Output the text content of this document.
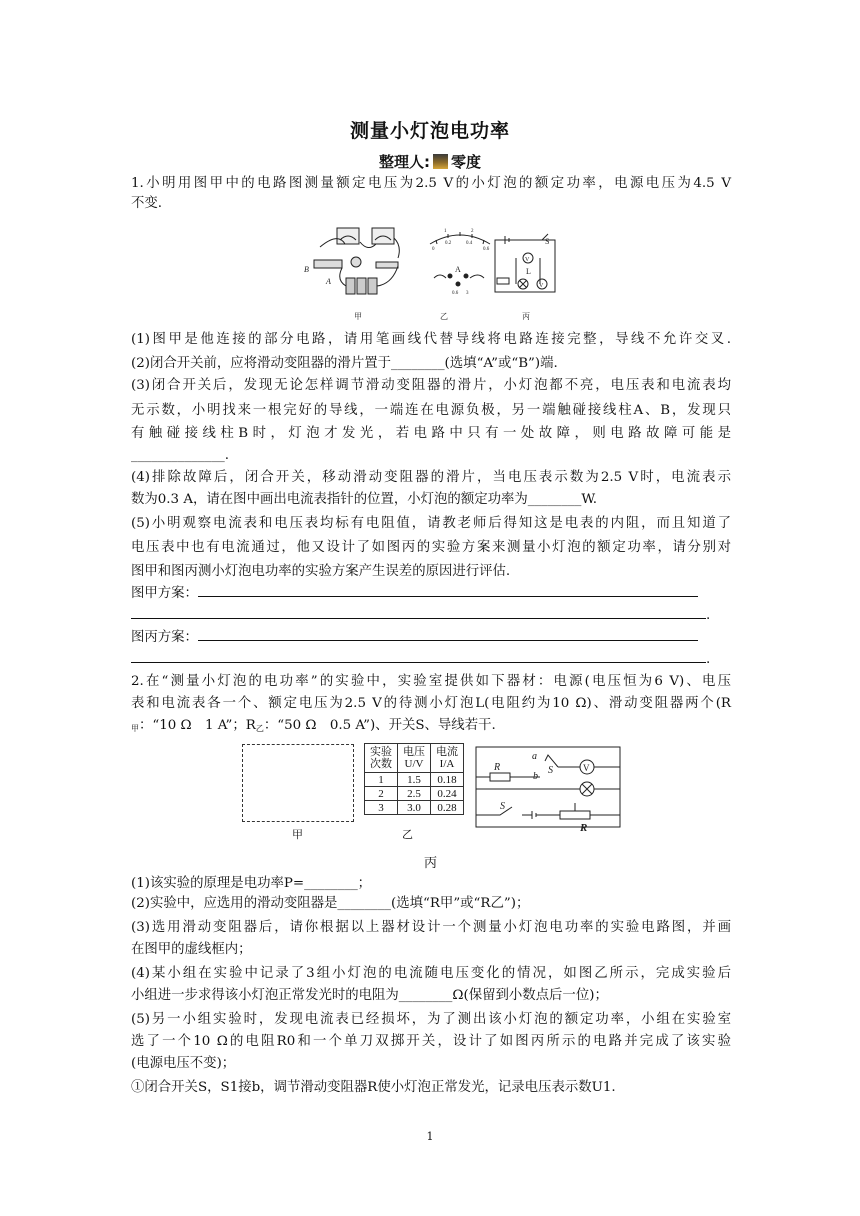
测量小灯泡电功率
整理人: 零度
1.小明用图甲中的电路图测量额定电压为2.5 V的小灯泡的额定功率，电源电压为4.5 V
不变.
B
A
0
0.2	0.4
0.6
1	2
A
0.6 3
S
V
L
V
甲	乙	丙
(1)图甲是他连接的部分电路，请用笔画线代替导线将电路连接完整，导线不允许交叉.
(2)闭合开关前，应将滑动变阻器的滑片置于________(选填“A”或“B”)端.
(3)闭合开关后，发现无论怎样调节滑动变阻器的滑片，小灯泡都不亮，电压表和电流表均
无示数，小明找来一根完好的导线，一端连在电源负极，另一端触碰接线柱A、B，发现只
有触碰接线柱B时，灯泡才发光，若电路中只有一处故障，则电路故障可能是
______________.
(4)排除故障后，闭合开关，移动滑动变阻器的滑片，当电压表示数为2.5 V时，电流表示
数为0.3 A，请在图中画出电流表指针的位置，小灯泡的额定功率为________W.
(5)小明观察电流表和电压表均标有电阻值，请教老师后得知这是电表的内阻，而且知道了
电压表中也有电流通过，他又设计了如图丙的实验方案来测量小灯泡的额定功率，请分别对
图甲和图丙测小灯泡电功率的实验方案产生误差的原因进行评估.
图甲方案：
.
图丙方案：
.
2.在“测量小灯泡的电功率”的实验中，实验室提供如下器材：电源(电压恒为6 V)、电压
表和电流表各一个、额定电压为2.5 V的待测小灯泡L(电阻约为10 Ω)、滑动变阻器两个(R
$_甲$：“10 Ω　1 A”；$R_乙$：“50 Ω　0.5 A”)、开关S、导线若干.
实验次数	电压U/V	电流I/A
1	1.5	0.18
2	2.5	0.24
3	3.0	0.28
a
b
S
R
S
V
R
甲	乙
丙
(1)该实验的原理是电功率P=________；
(2)实验中，应选用的滑动变阻器是________(选填“R甲”或“R乙”)；
(3)选用滑动变阻器后，请你根据以上器材设计一个测量小灯泡电功率的实验电路图，并画
在图甲的虚线框内；
(4)某小组在实验中记录了3组小灯泡的电流随电压变化的情况，如图乙所示，完成实验后
小组进一步求得该小灯泡正常发光时的电阻为________Ω(保留到小数点后一位)；
(5)另一小组实验时，发现电流表已经损坏，为了测出该小灯泡的额定功率，小组在实验室
选了一个10 Ω的电阻R0和一个单刀双掷开关，设计了如图丙所示的电路并完成了该实验
(电源电压不变)；
①闭合开关S，S1接b，调节滑动变阻器R使小灯泡正常发光，记录电压表示数U1.
1
